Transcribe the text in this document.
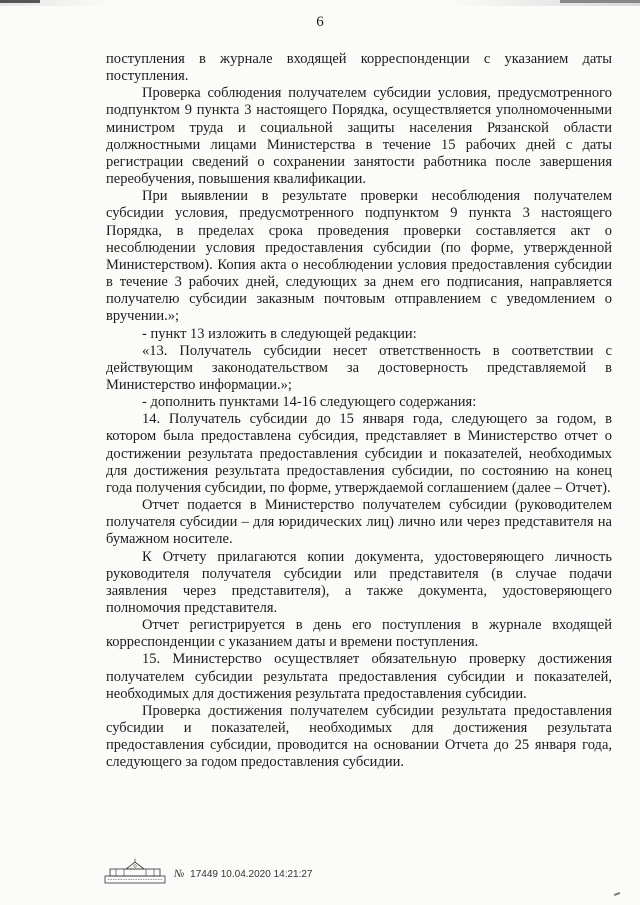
6

поступления в журнале входящей корреспонденции с указанием даты поступления.

Проверка соблюдения получателем субсидии условия, предусмотренного подпунктом 9 пункта 3 настоящего Порядка, осуществляется уполномоченными министром труда и социальной защиты населения Рязанской области должностными лицами Министерства в течение 15 рабочих дней с даты регистрации сведений о сохранении занятости работника после завершения переобучения, повышения квалификации.

При выявлении в результате проверки несоблюдения получателем субсидии условия, предусмотренного подпунктом 9 пункта 3 настоящего Порядка, в пределах срока проведения проверки составляется акт о несоблюдении условия предоставления субсидии (по форме, утвержденной Министерством). Копия акта о несоблюдении условия предоставления субсидии в течение 3 рабочих дней, следующих за днем его подписания, направляется получателю субсидии заказным почтовым отправлением с уведомлением о вручении.»;

- пункт 13 изложить в следующей редакции:

«13. Получатель субсидии несет ответственность в соответствии с действующим законодательством за достоверность представляемой в Министерство информации.»;

- дополнить пунктами 14-16 следующего содержания:

14. Получатель субсидии до 15 января года, следующего за годом, в котором была предоставлена субсидия, представляет в Министерство отчет о достижении результата предоставления субсидии и показателей, необходимых для достижения результата предоставления субсидии, по состоянию на конец года получения субсидии, по форме, утверждаемой соглашением (далее – Отчет).

Отчет подается в Министерство получателем субсидии (руководителем получателя субсидии – для юридических лиц) лично или через представителя на бумажном носителе.

К Отчету прилагаются копии документа, удостоверяющего личность руководителя получателя субсидии или представителя (в случае подачи заявления через представителя), а также документа, удостоверяющего полномочия представителя.

Отчет регистрируется в день его поступления в журнале входящей корреспонденции с указанием даты и времени поступления.

15. Министерство осуществляет обязательную проверку достижения получателем субсидии результата предоставления субсидии и показателей, необходимых для достижения результата предоставления субсидии.

Проверка достижения получателем субсидии результата предоставления субсидии и показателей, необходимых для достижения результата предоставления субсидии, проводится на основании Отчета до 25 января года, следующего за годом предоставления субсидии.

№ 17449 10.04.2020 14:21:27
